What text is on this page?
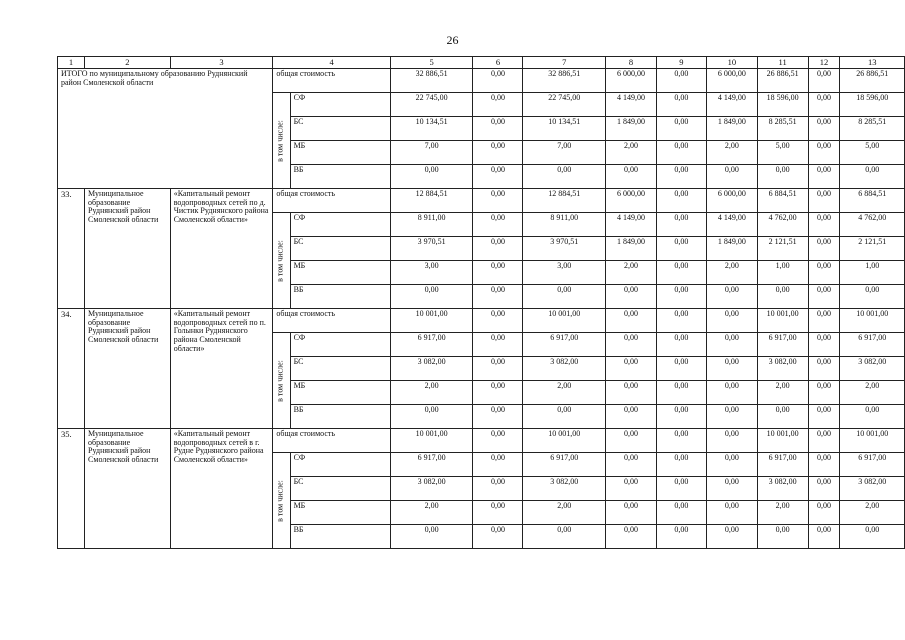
26
1	2	3	4		5	6	7	8	9	10	11	12	13
ИТОГО по муниципальному образованию Руднянский район Смоленской области			общая стоимость		32 886,51	0,00	32 886,51	6 000,00	0,00	6 000,00	26 886,51	0,00	26 886,51

			в том числе:	СФ	22 745,00	0,00	22 745,00	4 149,00	0,00	4 149,00	18 596,00	0,00	18 596,00
				БС	10 134,51	0,00	10 134,51	1 849,00	0,00	1 849,00	8 285,51	0,00	8 285,51
				МБ	7,00	0,00	7,00	2,00	0,00	2,00	5,00	0,00	5,00
				ВБ	0,00	0,00	0,00	0,00	0,00	0,00	0,00	0,00	0,00
33.	Муниципальное образование Руднянский район Смоленской области	«Капитальный ремонт водопроводных сетей по д. Чистик Руднянского района Смоленской области»	общая стоимость		12 884,51	0,00	12 884,51	6 000,00	0,00	6 000,00	6 884,51	0,00	6 884,51

			в том числе:	СФ	8 911,00	0,00	8 911,00	4 149,00	0,00	4 149,00	4 762,00	0,00	4 762,00
				БС	3 970,51	0,00	3 970,51	1 849,00	0,00	1 849,00	2 121,51	0,00	2 121,51
				МБ	3,00	0,00	3,00	2,00	0,00	2,00	1,00	0,00	1,00
				ВБ	0,00	0,00	0,00	0,00	0,00	0,00	0,00	0,00	0,00
34.	Муниципальное образование Руднянский район Смоленской области	«Капитальный ремонт водопроводных сетей по п. Голынки Руднянского района Смоленской области»	общая стоимость		10 001,00	0,00	10 001,00	0,00	0,00	0,00	10 001,00	0,00	10 001,00

			в том числе:	СФ	6 917,00	0,00	6 917,00	0,00	0,00	0,00	6 917,00	0,00	6 917,00
				БС	3 082,00	0,00	3 082,00	0,00	0,00	0,00	3 082,00	0,00	3 082,00
				МБ	2,00	0,00	2,00	0,00	0,00	0,00	2,00	0,00	2,00
				ВБ	0,00	0,00	0,00	0,00	0,00	0,00	0,00	0,00	0,00
35.	Муниципальное образование Руднянский район Смоленской области	«Капитальный ремонт водопроводных сетей в г. Рудне Руднянского района Смоленской области»	общая стоимость		10 001,00	0,00	10 001,00	0,00	0,00	0,00	10 001,00	0,00	10 001,00

			в том числе:	СФ	6 917,00	0,00	6 917,00	0,00	0,00	0,00	6 917,00	0,00	6 917,00
				БС	3 082,00	0,00	3 082,00	0,00	0,00	0,00	3 082,00	0,00	3 082,00
				МБ	2,00	0,00	2,00	0,00	0,00	0,00	2,00	0,00	2,00
				ВБ	0,00	0,00	0,00	0,00	0,00	0,00	0,00	0,00	0,00
